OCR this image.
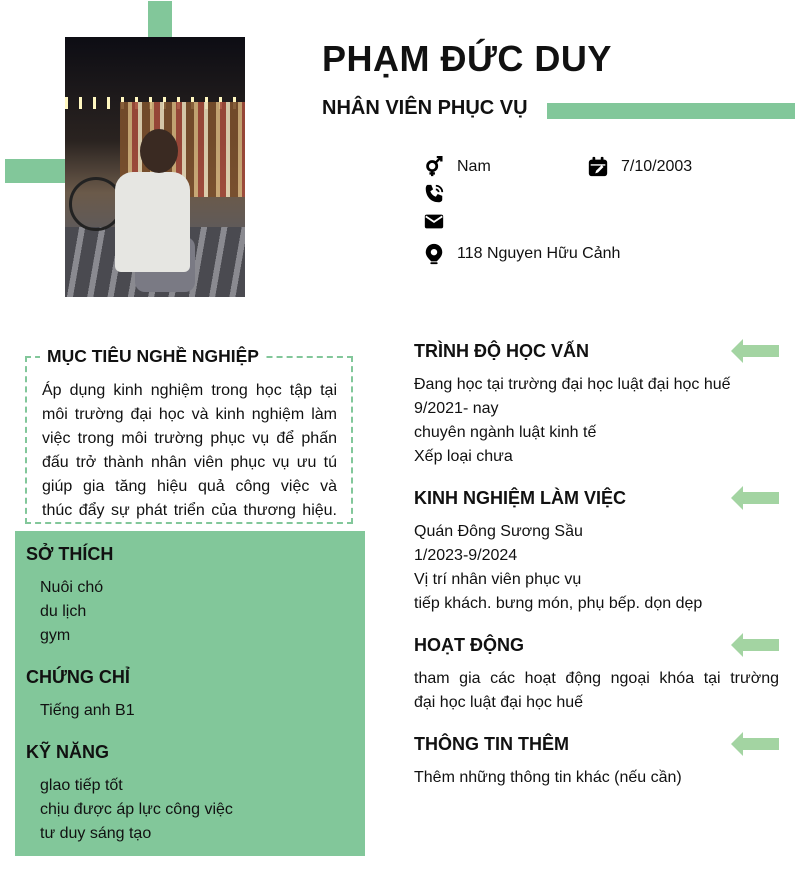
PHẠM ĐỨC DUY
NHÂN VIÊN PHỤC VỤ
Nam	7/10/2003
118 Nguyen Hữu Cảnh
MỤC TIÊU NGHỀ NGHIỆP
Áp dụng kinh nghiệm trong học tập tại
môi trường đại học và kinh nghiệm làm
việc trong môi trường phục vụ để phấn
đấu trở thành nhân viên phục vụ ưu tú
giúp gia tăng hiệu quả công việc và
thúc đẩy sự phát triển của thương hiệu.
SỞ THÍCH
Nuôi chó
du lịch
gym
CHỨNG CHỈ
Tiếng anh B1
KỸ NĂNG
glao tiếp tốt
chịu được áp lực công việc
tư duy sáng tạo
TRÌNH ĐỘ HỌC VẤN
Đang học tại trường đại học luật đại học huế
9/2021- nay
chuyên ngành luật kinh tế
Xếp loại chưa
KINH NGHIỆM LÀM VIỆC
Quán Đông Sương Sầu
1/2023-9/2024
Vị trí nhân viên phục vụ
tiếp khách. bưng món, phụ bếp. dọn dẹp
HOẠT ĐỘNG
tham gia các hoạt động ngoại khóa tại trường
đại học luật đại học huế
THÔNG TIN THÊM
Thêm những thông tin khác (nếu cần)
